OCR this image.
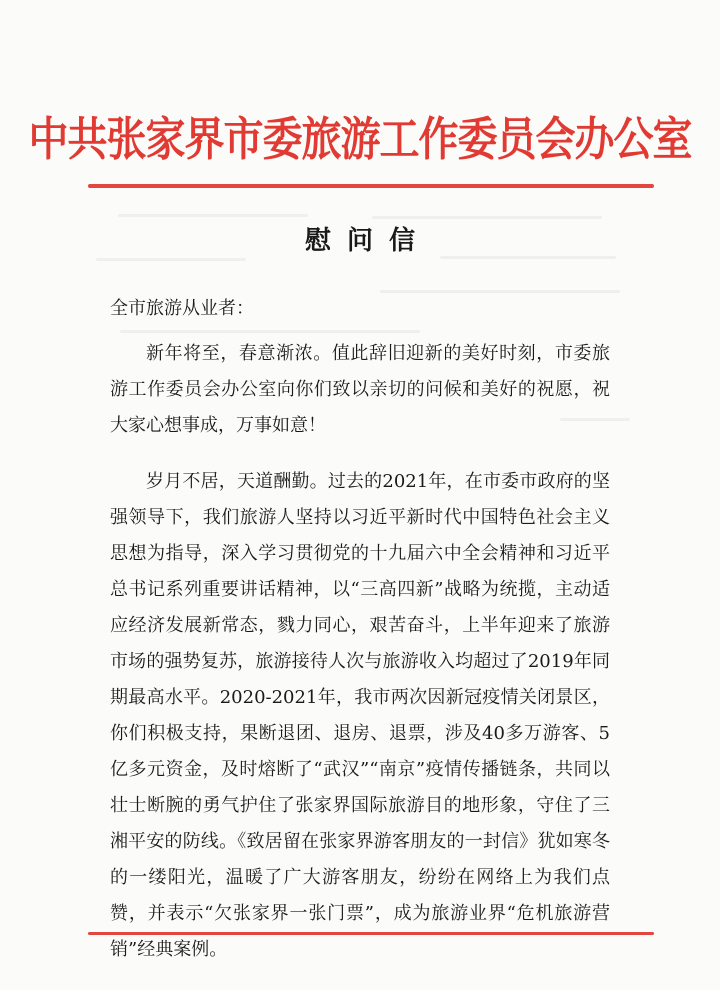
中共张家界市委旅游工作委员会办公室
慰问信
全市旅游从业者：

新年将至，春意渐浓。值此辞旧迎新的美好时刻，市委旅游工作委员会办公室向你们致以亲切的问候和美好的祝愿，祝大家心想事成，万事如意！

岁月不居，天道酬勤。过去的2021年，在市委市政府的坚强领导下，我们旅游人坚持以习近平新时代中国特色社会主义思想为指导，深入学习贯彻党的十九届六中全会精神和习近平总书记系列重要讲话精神，以“三高四新”战略为统揽，主动适应经济发展新常态，戮力同心，艰苦奋斗，上半年迎来了旅游市场的强势复苏，旅游接待人次与旅游收入均超过了2019年同期最高水平。2020-2021年，我市两次因新冠疫情关闭景区，你们积极支持，果断退团、退房、退票，涉及40多万游客、5亿多元资金，及时熔断了“武汉”“南京”疫情传播链条，共同以壮士断腕的勇气护住了张家界国际旅游目的地形象，守住了三湘平安的防线。《致居留在张家界游客朋友的一封信》犹如寒冬的一缕阳光，温暖了广大游客朋友，纷纷在网络上为我们点赞，并表示“欠张家界一张门票”，成为旅游业界“危机旅游营销”经典案例。
